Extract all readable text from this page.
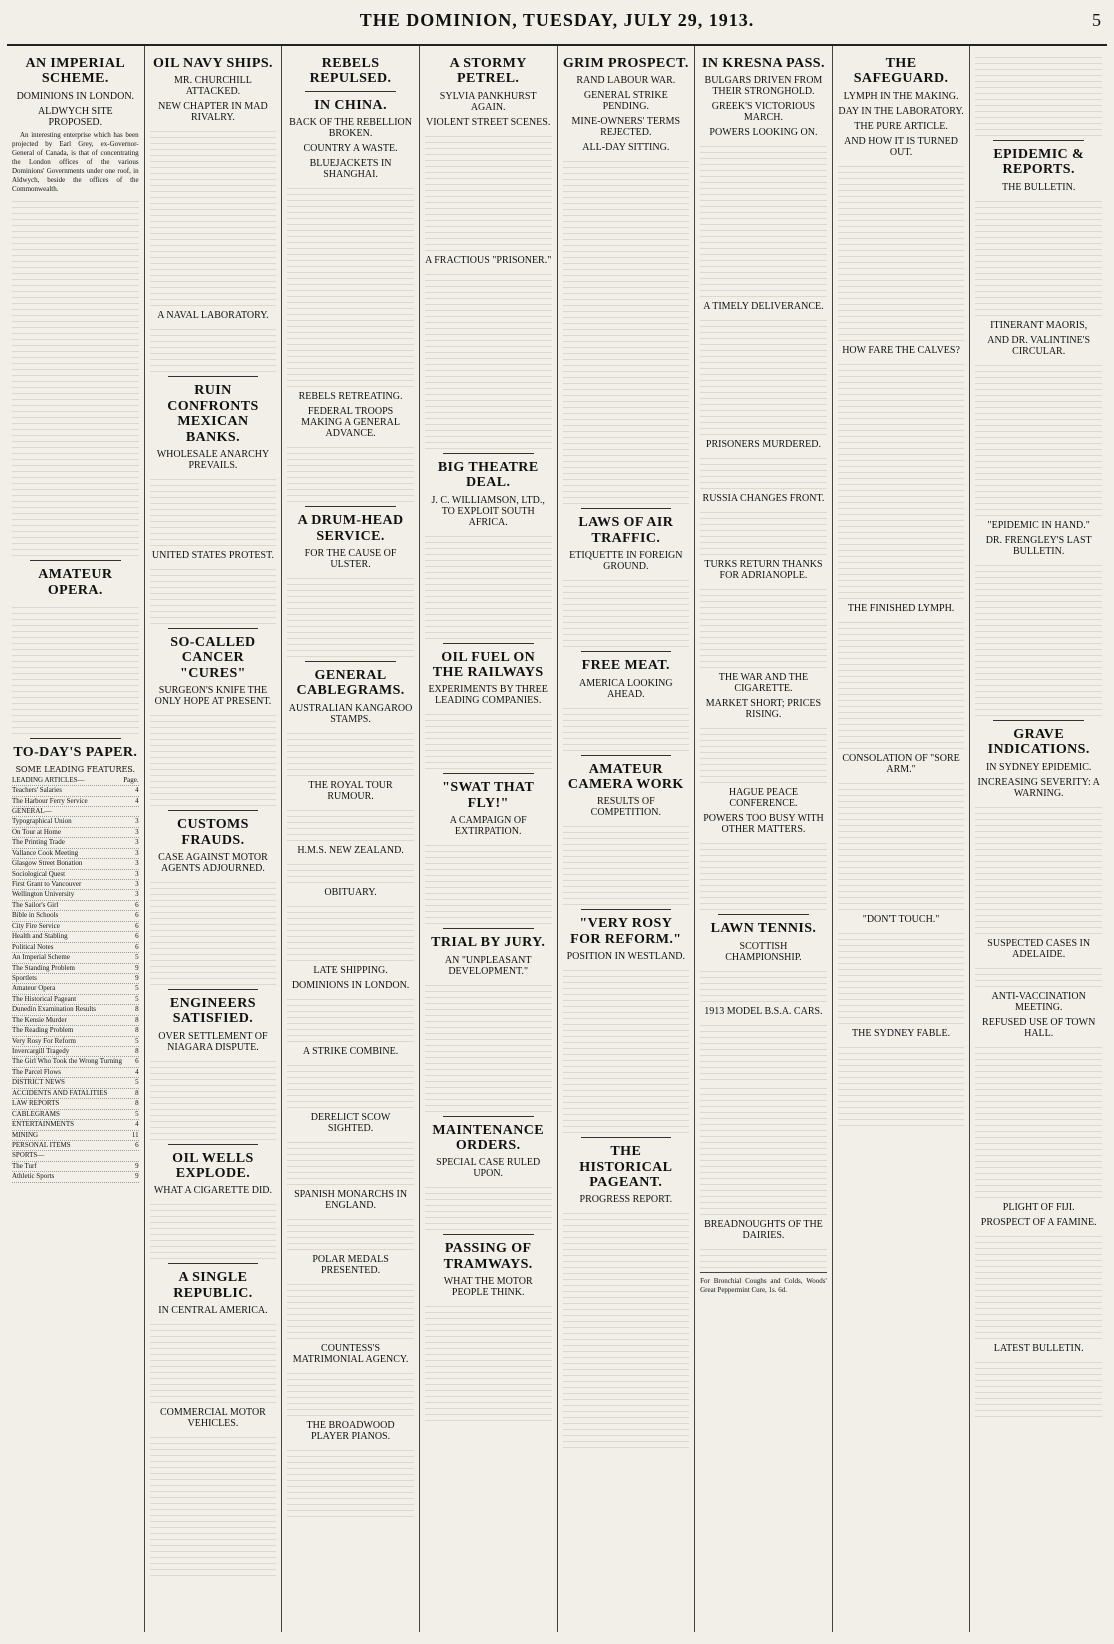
THE DOMINION, TUESDAY, JULY 29, 1913.	5
AN IMPERIAL SCHEME.
DOMINIONS IN LONDON.
ALDWYCH SITE PROPOSED.

An interesting enterprise which has been projected by Earl Grey, ex-Governor-General of Canada, is that of concentrating the London offices of the various Dominions' Governments under one roof, in Aldwych, beside the offices of the Commonwealth.

AMATEUR OPERA.
TO-DAY'S PAPER.
SOME LEADING FEATURES.
LEADING ARTICLES—	Page.
Teachers' Salaries	4
The Harbour Ferry Service	4
GENERAL—
Typographical Union	3
On Tour at Home	3
The Printing Trade	3
Vallance Cook Meeting	3
Glasgow Street Bonation	3
Sociological Quest	3
First Grant to Vancouver	3
Wellington University	3
The Sailor's Girl	6
Bible in Schools	6
City Fire Service	6
Health and Stabling	6
Political Notes	6
An Imperial Scheme	5
The Standing Problem	9
Sportlets	9
Amateur Opera	5
The Historical Pageant	5
Dunedin Examination Results	8
The Kensie Murder	8
The Reading Problem	8
Very Rosy For Reform	5
Invercargill Tragedy	8
The Girl Who Took the Wrong Turning 6
The Parcel Flows	4
DISTRICT NEWS	5
ACCIDENTS AND FATALITIES	8
LAW REPORTS	8
CABLEGRAMS	5
ENTERTAINMENTS	4
MINING	11
PERSONAL ITEMS	6
SPORTS—
The Turf	9
Athletic Sports	9
OIL NAVY SHIPS.
MR. CHURCHILL ATTACKED.
NEW CHAPTER IN MAD RIVALRY.
A NAVAL LABORATORY.
RUIN CONFRONTS MEXICAN BANKS.
WHOLESALE ANARCHY PREVAILS.
UNITED STATES PROTEST.
SO-CALLED CANCER "CURES"
SURGEON'S KNIFE THE ONLY HOPE AT PRESENT.
CUSTOMS FRAUDS.
CASE AGAINST MOTOR AGENTS ADJOURNED.
ENGINEERS SATISFIED.
OVER SETTLEMENT OF NIAGARA DISPUTE.
OIL WELLS EXPLODE.
WHAT A CIGARETTE DID.
A SINGLE REPUBLIC.
IN CENTRAL AMERICA.
COMMERCIAL MOTOR VEHICLES.
REBELS REPULSED.
IN CHINA.
BACK OF THE REBELLION BROKEN.
COUNTRY A WASTE.
BLUEJACKETS IN SHANGHAI.
REBELS RETREATING.
FEDERAL TROOPS MAKING A GENERAL ADVANCE.
A DRUM-HEAD SERVICE.
FOR THE CAUSE OF ULSTER.
GENERAL CABLEGRAMS.
AUSTRALIAN KANGAROO STAMPS.
THE ROYAL TOUR RUMOUR.
H.M.S. NEW ZEALAND.
OBITUARY.
LATE SHIPPING.
DOMINIONS IN LONDON.
A STRIKE COMBINE.
DERELICT SCOW SIGHTED.
SPANISH MONARCHS IN ENGLAND.
POLAR MEDALS PRESENTED.
COUNTESS'S MATRIMONIAL AGENCY.
THE BROADWOOD PLAYER PIANOS.
A STORMY PETREL.
SYLVIA PANKHURST AGAIN.
VIOLENT STREET SCENES.
A FRACTIOUS "PRISONER."
BIG THEATRE DEAL.
J. C. WILLIAMSON, LTD., TO EXPLOIT SOUTH AFRICA.
OIL FUEL ON THE RAILWAYS
EXPERIMENTS BY THREE LEADING COMPANIES.
"SWAT THAT FLY!"
A CAMPAIGN OF EXTIRPATION.
TRIAL BY JURY.
AN "UNPLEASANT DEVELOPMENT."
MAINTENANCE ORDERS.
SPECIAL CASE RULED UPON.
PASSING OF TRAMWAYS.
WHAT THE MOTOR PEOPLE THINK.
GRIM PROSPECT.
RAND LABOUR WAR.
GENERAL STRIKE PENDING.
MINE-OWNERS' TERMS REJECTED.
ALL-DAY SITTING.
LAWS OF AIR TRAFFIC.
ETIQUETTE IN FOREIGN GROUND.
FREE MEAT.
AMERICA LOOKING AHEAD.
AMATEUR CAMERA WORK
RESULTS OF COMPETITION.
"VERY ROSY FOR REFORM."
POSITION IN WESTLAND.
THE HISTORICAL PAGEANT.
PROGRESS REPORT.
IN KRESNA PASS.
BULGARS DRIVEN FROM THEIR STRONGHOLD.
GREEK'S VICTORIOUS MARCH.
POWERS LOOKING ON.
A TIMELY DELIVERANCE.
PRISONERS MURDERED.
RUSSIA CHANGES FRONT.
TURKS RETURN THANKS FOR ADRIANOPLE.
THE WAR AND THE CIGARETTE.
MARKET SHORT; PRICES RISING.
HAGUE PEACE CONFERENCE.
POWERS TOO BUSY WITH OTHER MATTERS.
LAWN TENNIS.
SCOTTISH CHAMPIONSHIP.
1913 MODEL B.S.A. CARS.
BREADNOUGHTS OF THE DAIRIES.
For Bronchial Coughs and Colds, Woods' Great Peppermint Cure, 1s. 6d.
THE SAFEGUARD.
LYMPH IN THE MAKING.
DAY IN THE LABORATORY.
THE PURE ARTICLE.
AND HOW IT IS TURNED OUT.
HOW FARE THE CALVES?
THE FINISHED LYMPH.
CONSOLATION OF "SORE ARM."
"DON'T TOUCH."
THE SYDNEY FABLE.
EPIDEMIC & REPORTS.
THE BULLETIN.
ITINERANT MAORIS,
AND DR. VALINTINE'S CIRCULAR.
"EPIDEMIC IN HAND."
DR. FRENGLEY'S LAST BULLETIN.
GRAVE INDICATIONS.
IN SYDNEY EPIDEMIC.
INCREASING SEVERITY: A WARNING.
SUSPECTED CASES IN ADELAIDE.
ANTI-VACCINATION MEETING.
REFUSED USE OF TOWN HALL.
PLIGHT OF FIJI.
PROSPECT OF A FAMINE.
LATEST BULLETIN.
